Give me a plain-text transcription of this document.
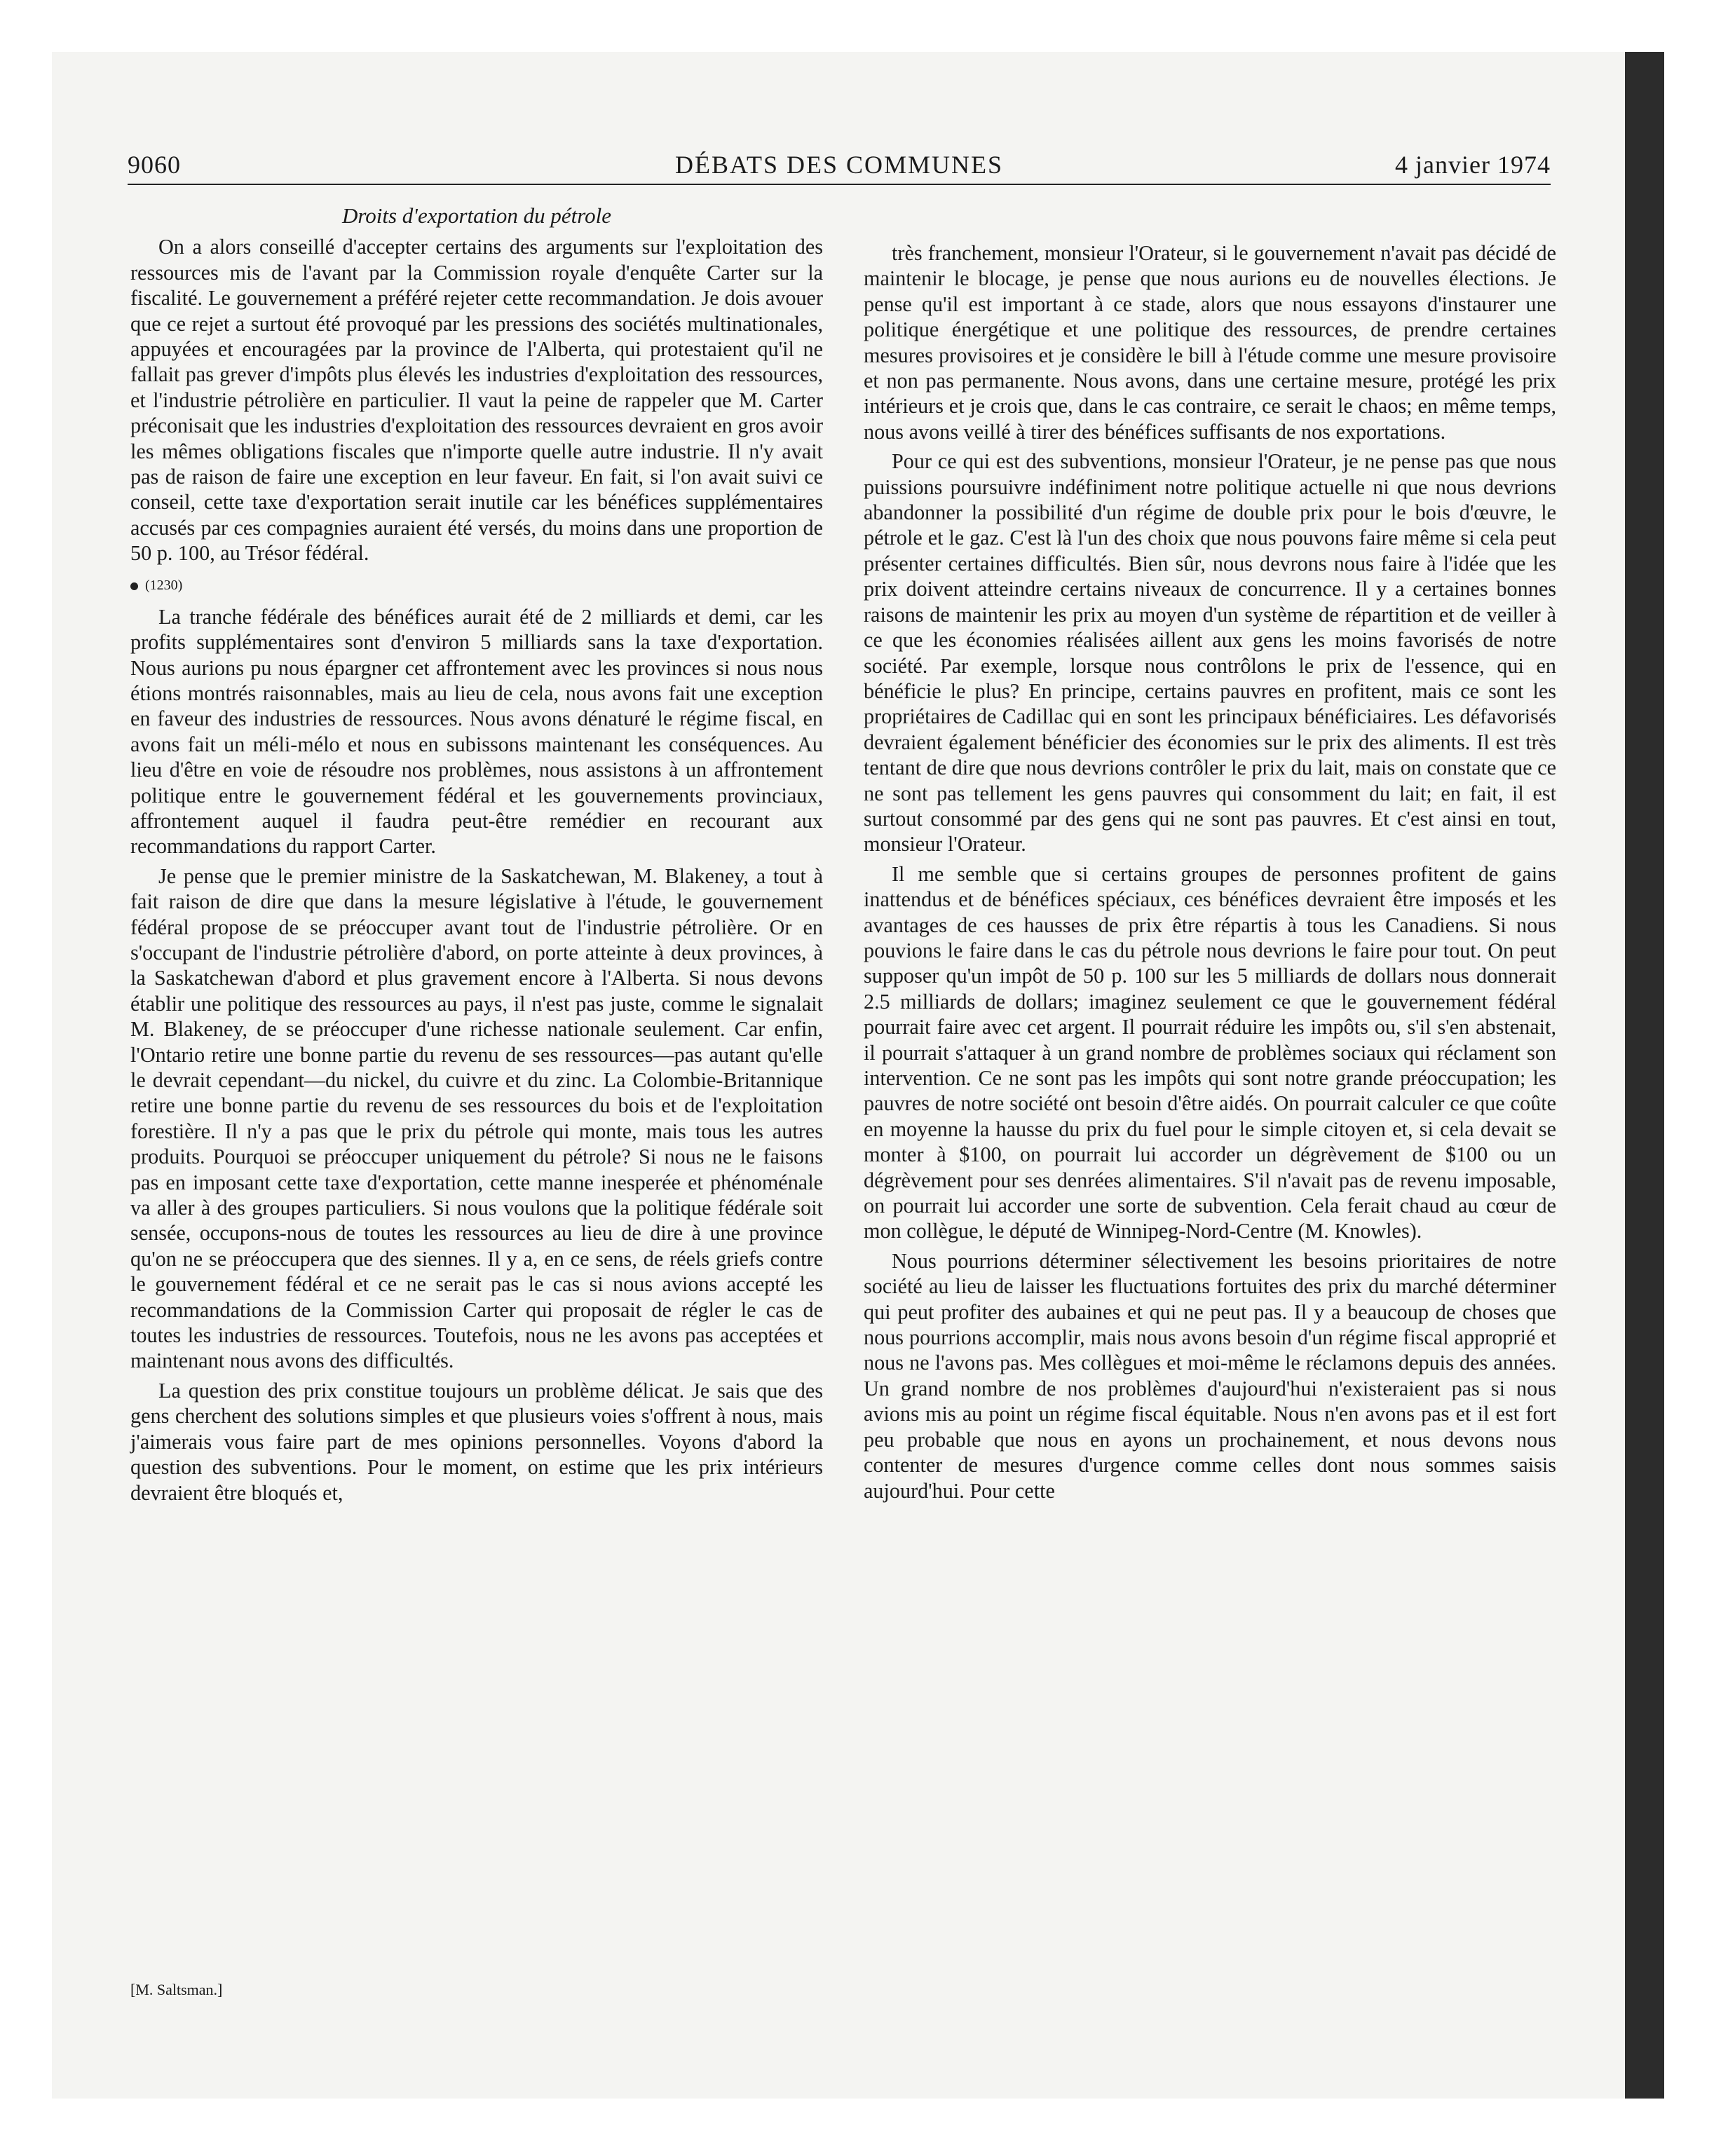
9060	DÉBATS DES COMMUNES	4 janvier 1974
Droits d'exportation du pétrole

On a alors conseillé d'accepter certains des arguments sur l'exploitation des ressources mis de l'avant par la Commission royale d'enquête Carter sur la fiscalité. Le gouvernement a préféré rejeter cette recommandation. Je dois avouer que ce rejet a surtout été provoqué par les pressions des sociétés multinationales, appuyées et encouragées par la province de l'Alberta, qui protestaient qu'il ne fallait pas grever d'impôts plus élevés les industries d'exploitation des ressources, et l'industrie pétrolière en particulier. Il vaut la peine de rappeler que M. Carter préconisait que les industries d'exploitation des ressources devraient en gros avoir les mêmes obligations fiscales que n'importe quelle autre industrie. Il n'y avait pas de raison de faire une exception en leur faveur. En fait, si l'on avait suivi ce conseil, cette taxe d'exportation serait inutile car les bénéfices supplémentaires accusés par ces compagnies auraient été versés, du moins dans une proportion de 50 p. 100, au Trésor fédéral.

(1230)

La tranche fédérale des bénéfices aurait été de 2 milliards et demi, car les profits supplémentaires sont d'environ 5 milliards sans la taxe d'exportation. Nous aurions pu nous épargner cet affrontement avec les provinces si nous nous étions montrés raisonnables, mais au lieu de cela, nous avons fait une exception en faveur des industries de ressources. Nous avons dénaturé le régime fiscal, en avons fait un méli-mélo et nous en subissons maintenant les conséquences. Au lieu d'être en voie de résoudre nos problèmes, nous assistons à un affrontement politique entre le gouvernement fédéral et les gouvernements provinciaux, affrontement auquel il faudra peut-être remédier en recourant aux recommandations du rapport Carter.

Je pense que le premier ministre de la Saskatchewan, M. Blakeney, a tout à fait raison de dire que dans la mesure législative à l'étude, le gouvernement fédéral propose de se préoccuper avant tout de l'industrie pétrolière. Or en s'occupant de l'industrie pétrolière d'abord, on porte atteinte à deux provinces, à la Saskatchewan d'abord et plus gravement encore à l'Alberta. Si nous devons établir une politique des ressources au pays, il n'est pas juste, comme le signalait M. Blakeney, de se préoccuper d'une richesse nationale seulement. Car enfin, l'Ontario retire une bonne partie du revenu de ses ressources—pas autant qu'elle le devrait cependant—du nickel, du cuivre et du zinc. La Colombie-Britannique retire une bonne partie du revenu de ses ressources du bois et de l'exploitation forestière. Il n'y a pas que le prix du pétrole qui monte, mais tous les autres produits. Pourquoi se préoccuper uniquement du pétrole? Si nous ne le faisons pas en imposant cette taxe d'exportation, cette manne inesperée et phénoménale va aller à des groupes particuliers. Si nous voulons que la politique fédérale soit sensée, occupons-nous de toutes les ressources au lieu de dire à une province qu'on ne se préoccupera que des siennes. Il y a, en ce sens, de réels griefs contre le gouvernement fédéral et ce ne serait pas le cas si nous avions accepté les recommandations de la Commission Carter qui proposait de régler le cas de toutes les industries de ressources. Toutefois, nous ne les avons pas acceptées et maintenant nous avons des difficultés.

La question des prix constitue toujours un problème délicat. Je sais que des gens cherchent des solutions simples et que plusieurs voies s'offrent à nous, mais j'aimerais vous faire part de mes opinions personnelles. Voyons d'abord la question des subventions. Pour le moment, on estime que les prix intérieurs devraient être bloqués et,

[M. Saltsman.]

très franchement, monsieur l'Orateur, si le gouvernement n'avait pas décidé de maintenir le blocage, je pense que nous aurions eu de nouvelles élections. Je pense qu'il est important à ce stade, alors que nous essayons d'instaurer une politique énergétique et une politique des ressources, de prendre certaines mesures provisoires et je considère le bill à l'étude comme une mesure provisoire et non pas permanente. Nous avons, dans une certaine mesure, protégé les prix intérieurs et je crois que, dans le cas contraire, ce serait le chaos; en même temps, nous avons veillé à tirer des bénéfices suffisants de nos exportations.

Pour ce qui est des subventions, monsieur l'Orateur, je ne pense pas que nous puissions poursuivre indéfiniment notre politique actuelle ni que nous devrions abandonner la possibilité d'un régime de double prix pour le bois d'œuvre, le pétrole et le gaz. C'est là l'un des choix que nous pouvons faire même si cela peut présenter certaines difficultés. Bien sûr, nous devrons nous faire à l'idée que les prix doivent atteindre certains niveaux de concurrence. Il y a certaines bonnes raisons de maintenir les prix au moyen d'un système de répartition et de veiller à ce que les économies réalisées aillent aux gens les moins favorisés de notre société. Par exemple, lorsque nous contrôlons le prix de l'essence, qui en bénéficie le plus? En principe, certains pauvres en profitent, mais ce sont les propriétaires de Cadillac qui en sont les principaux bénéficiaires. Les défavorisés devraient également bénéficier des économies sur le prix des aliments. Il est très tentant de dire que nous devrions contrôler le prix du lait, mais on constate que ce ne sont pas tellement les gens pauvres qui consomment du lait; en fait, il est surtout consommé par des gens qui ne sont pas pauvres. Et c'est ainsi en tout, monsieur l'Orateur.

Il me semble que si certains groupes de personnes profitent de gains inattendus et de bénéfices spéciaux, ces bénéfices devraient être imposés et les avantages de ces hausses de prix être répartis à tous les Canadiens. Si nous pouvions le faire dans le cas du pétrole nous devrions le faire pour tout. On peut supposer qu'un impôt de 50 p. 100 sur les 5 milliards de dollars nous donnerait 2.5 milliards de dollars; imaginez seulement ce que le gouvernement fédéral pourrait faire avec cet argent. Il pourrait réduire les impôts ou, s'il s'en abstenait, il pourrait s'attaquer à un grand nombre de problèmes sociaux qui réclament son intervention. Ce ne sont pas les impôts qui sont notre grande préoccupation; les pauvres de notre société ont besoin d'être aidés. On pourrait calculer ce que coûte en moyenne la hausse du prix du fuel pour le simple citoyen et, si cela devait se monter à $100, on pourrait lui accorder un dégrèvement de $100 ou un dégrèvement pour ses denrées alimentaires. S'il n'avait pas de revenu imposable, on pourrait lui accorder une sorte de subvention. Cela ferait chaud au cœur de mon collègue, le député de Winnipeg-Nord-Centre (M. Knowles).

Nous pourrions déterminer sélectivement les besoins prioritaires de notre société au lieu de laisser les fluctuations fortuites des prix du marché déterminer qui peut profiter des aubaines et qui ne peut pas. Il y a beaucoup de choses que nous pourrions accomplir, mais nous avons besoin d'un régime fiscal approprié et nous ne l'avons pas. Mes collègues et moi-même le réclamons depuis des années. Un grand nombre de nos problèmes d'aujourd'hui n'existeraient pas si nous avions mis au point un régime fiscal équitable. Nous n'en avons pas et il est fort peu probable que nous en ayons un prochainement, et nous devons nous contenter de mesures d'urgence comme celles dont nous sommes saisis aujourd'hui. Pour cette
